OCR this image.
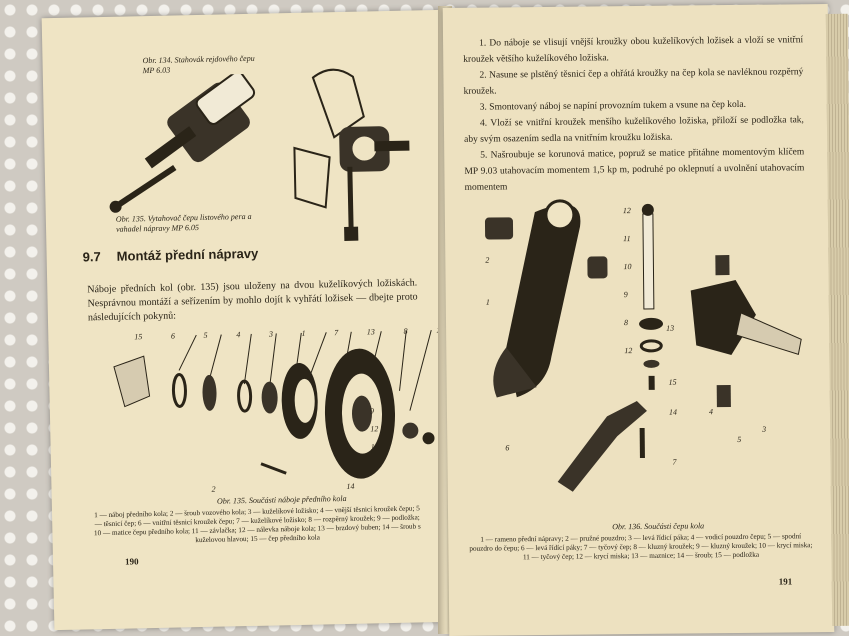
Obr. 134. Stahovák rejdového čepu MP 6.03
Obr. 135. Vytahovač čepu listového pera a vahadel nápravy MP 6.05
9.7 Montáž přední nápravy
Náboje předních kol (obr. 135) jsou uloženy na dvou kuželíkových ložiskách. Nesprávnou montáží a seřízením by mohlo dojít k vyhřátí ložisek — dbejte proto následujících pokynů:
15	6	5	4	3	1	7	13	8
9
12
11
14
2
Obr. 135. Součásti náboje předního kola
1 — náboj předního kola; 2 — šroub vozového kola; 3 — kuželíkové ložisko; 4 — vnější těsnicí kroužek čepu; 5 — těsnicí čep; 6 — vnitřní těsnicí kroužek čepu; 7 — kuželíkové ložisko; 8 — rozpěrný kroužek; 9 — podložka; 10 — matice čepu předního kola; 11 — závlačka; 12 — nálevka náboje kola; 13 — brzdový buben; 14 — šroub s kuželovou hlavou; 15 — čep předního kola
190

1. Do náboje se vlisují vnější kroužky obou kuželíkových ložisek a vloží se vnitřní kroužek většího kuželíkového ložiska.

2. Nasune se plstěný těsnicí čep a ohřátá kroužky na čep kola se navléknou rozpěrný kroužek.

3. Smontovaný náboj se napíní provozním tukem a vsune na čep kola.

4. Vloží se vnitřní kroužek menšího kuželíkového ložiska, přiloží se podložka tak, aby svým osazením sedla na vnitřním kroužku ložiska.

5. Našroubuje se korunová matice, popruž se matice přitáhne momentovým klíčem MP 9.03 utahovacím momentem 1,5 kp m, podruhé po oklepnutí a uvolnění utahovacím momentem

12
11
10
9
8
12
2
1
13
15
14	4
5
3
6
7
Obr. 136. Součásti čepu kola
1 — rameno přední nápravy; 2 — pružné pouzdro; 3 — levá řídicí páka; 4 — vodicí pouzdro čepu; 5 — spodní pouzdro do čepu; 6 — levá řídící páky; 7 — tyčový čep; 8 — kluzný kroužek; 9 — kluzný kroužek; 10 — krycí miska; 11 — tyčový čep; 12 — krycí miska; 13 — maznice; 14 — šroub; 15 — podložka
191
